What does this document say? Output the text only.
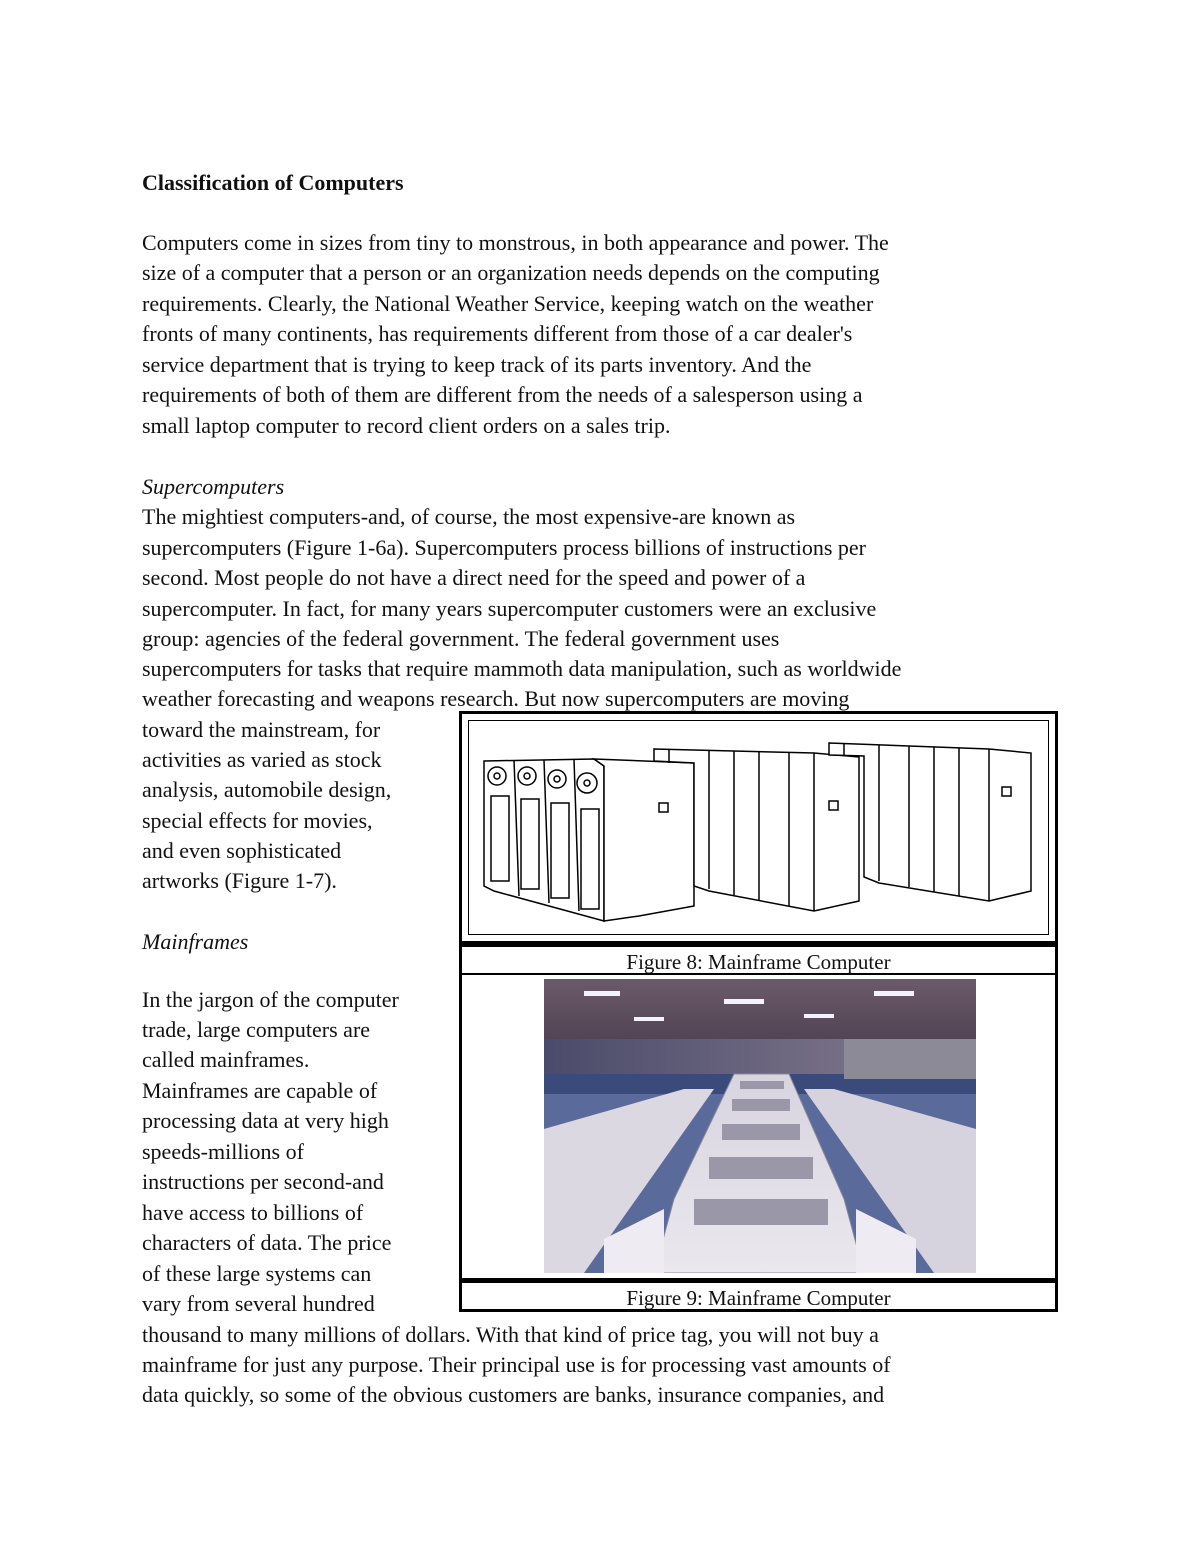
Classification of Computers
Computers come in sizes from tiny to monstrous, in both appearance and power. The
size of a computer that a person or an organization needs depends on the computing
requirements. Clearly, the National Weather Service, keeping watch on the weather
fronts of many continents, has requirements different from those of a car dealer's
service department that is trying to keep track of its parts inventory. And the
requirements of both of them are different from the needs of a salesperson using a
small laptop computer to record client orders on a sales trip.
Supercomputers
The mightiest computers-and, of course, the most expensive-are known as
supercomputers (Figure 1-6a). Supercomputers process billions of instructions per
second. Most people do not have a direct need for the speed and power of a
supercomputer. In fact, for many years supercomputer customers were an exclusive
group: agencies of the federal government. The federal government uses
supercomputers for tasks that require mammoth data manipulation, such as worldwide
weather forecasting and weapons research. But now supercomputers are moving
toward the mainstream, for
activities as varied as stock
analysis, automobile design,
special effects for movies,
and even sophisticated
artworks (Figure 1-7).
Mainframes
In the jargon of the computer
trade, large computers are
called mainframes.
Mainframes are capable of
processing data at very high
speeds-millions of
instructions per second-and
have access to billions of
characters of data. The price
of these large systems can
vary from several hundred
thousand to many millions of dollars. With that kind of price tag, you will not buy a
mainframe for just any purpose. Their principal use is for processing vast amounts of
data quickly, so some of the obvious customers are banks, insurance companies, and
Figure 8: Mainframe Computer
Figure 9: Mainframe Computer
